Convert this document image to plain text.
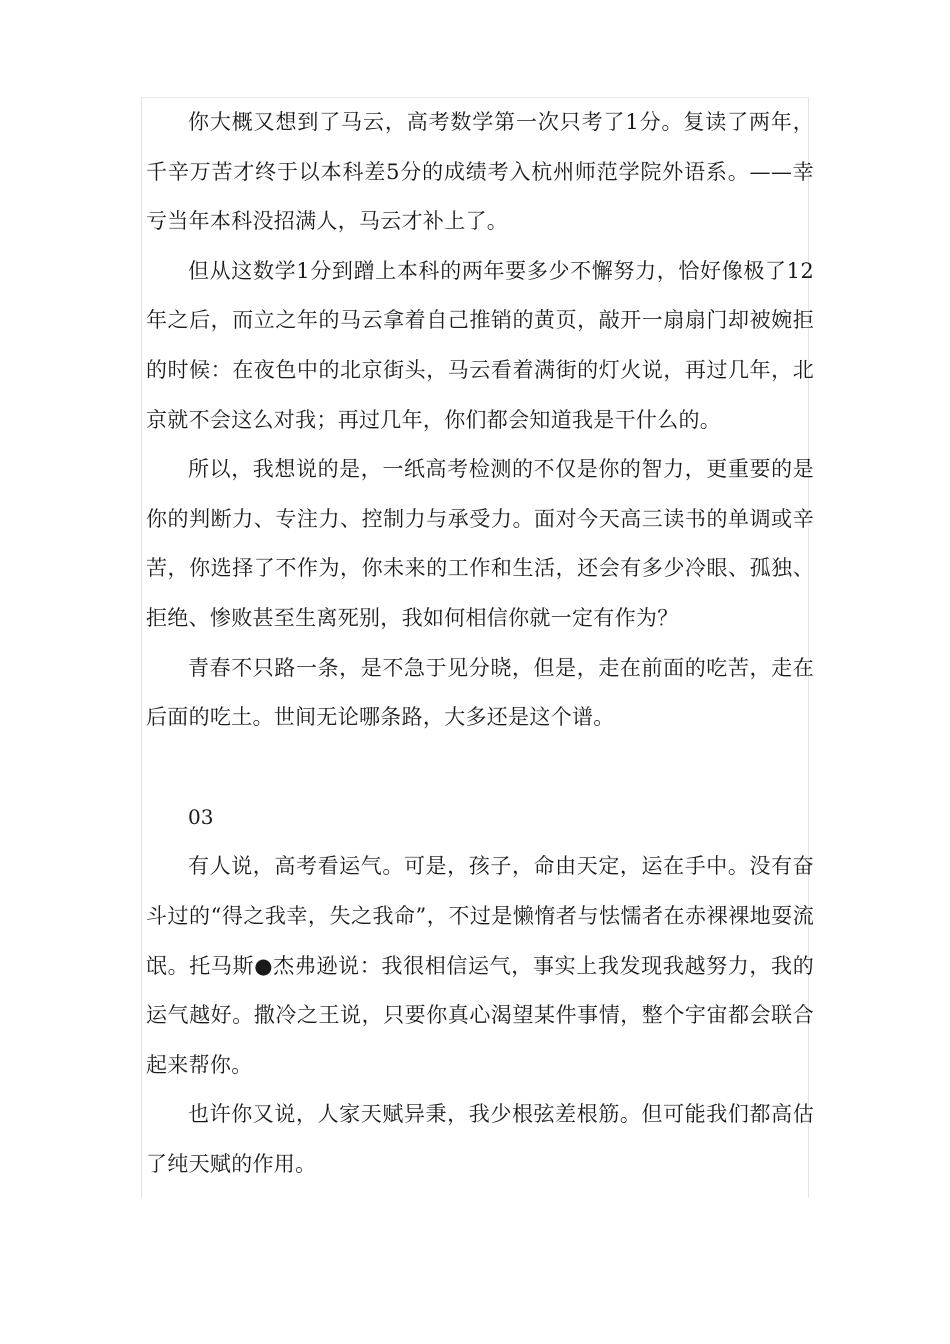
你大概又想到了马云，高考数学第一次只考了1分。复读了两年，千辛万苦才终于以本科差5分的成绩考入杭州师范学院外语系。——幸亏当年本科没招满人，马云才补上了。

但从这数学1分到蹭上本科的两年要多少不懈努力，恰好像极了12 年之后，而立之年的马云拿着自己推销的黄页，敲开一扇扇门却被婉拒的时候：在夜色中的北京街头，马云看着满街的灯火说，再过几年，北京就不会这么对我；再过几年，你们都会知道我是干什么的。

所以，我想说的是，一纸高考检测的不仅是你的智力，更重要的是你的判断力、专注力、控制力与承受力。面对今天高三读书的单调或辛苦，你选择了不作为，你未来的工作和生活，还会有多少冷眼、孤独、拒绝、惨败甚至生离死别，我如何相信你就一定有作为？

青春不只路一条，是不急于见分晓，但是，走在前面的吃苦，走在后面的吃土。世间无论哪条路，大多还是这个谱。

03

有人说，高考看运气。可是，孩子，命由天定，运在手中。没有奋斗过的“得之我幸，失之我命”，不过是懒惰者与怯懦者在赤裸裸地耍流氓。托马斯●杰弗逊说：我很相信运气，事实上我发现我越努力，我的运气越好。撒冷之王说，只要你真心渴望某件事情，整个宇宙都会联合起来帮你。

也许你又说，人家天赋异秉，我少根弦差根筋。但可能我们都高估了纯天赋的作用。
